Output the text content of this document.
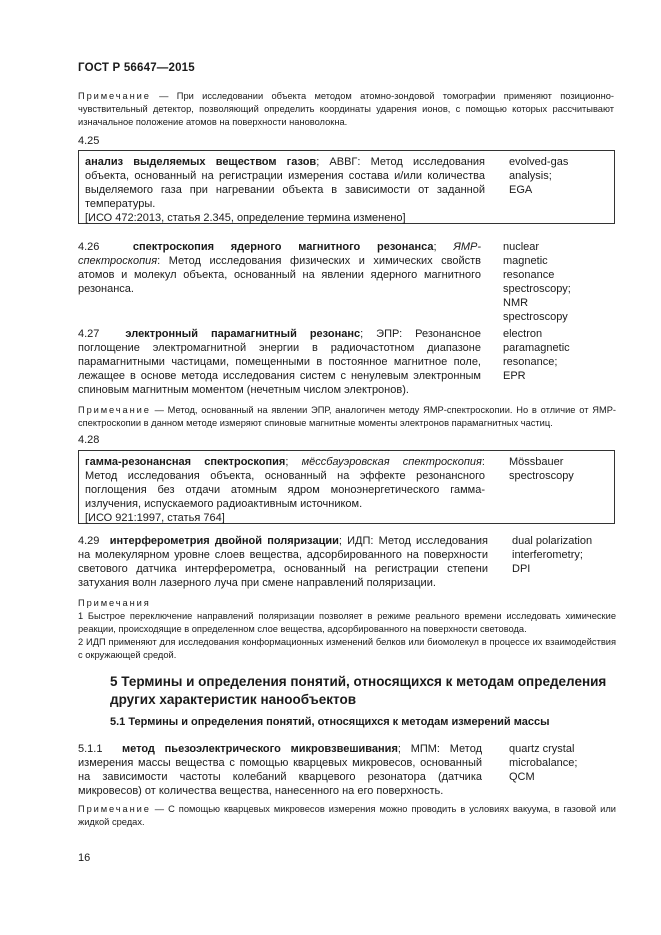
ГОСТ Р 56647—2015
Примечание — При исследовании объекта методом атомно-зондовой томографии применяют позиционно-чувствительный детектор, позволяющий определить координаты ударения ионов, с помощью которых рассчитывают изначальное положение атомов на поверхности нановолокна.
4.25
анализ выделяемых веществом газов; АВВГ: Метод исследования объекта, основанный на регистрации измерения состава и/или количества выделяемого газа при нагревании объекта в зависимости от заданной температуры.
[ИСО 472:2013, статья 2.345, определение термина изменено]
evolved-gas
analysis;
EGA
4.26	спектроскопия ядерного магнитного резонанса; ЯМР-спектроскопия: Метод исследования физических и химических свойств атомов и молекул объекта, основанный на явлении ядерного магнитного резонанса.
nuclear
magnetic
resonance
spectroscopy;
NMR
spectroscopy
4.27 электронный парамагнитный резонанс; ЭПР: Резонансное поглощение электромагнитной энергии в радиочастотном диапазоне парамагнитными частицами, помещенными в постоянное магнитное поле, лежащее в основе метода исследования систем с ненулевым электронным спиновым магнитным моментом (нечетным числом электронов).
electron
paramagnetic
resonance;
EPR
Примечание — Метод, основанный на явлении ЭПР, аналогичен методу ЯМР-спектроскопии. Но в отличие от ЯМР-спектроскопии в данном методе измеряют спиновые магнитные моменты электронов парамагнитных частиц.
4.28
гамма-резонансная спектроскопия; мёссбауэровская спектроскопия: Метод исследования объекта, основанный на эффекте резонансного поглощения без отдачи атомным ядром моноэнергетического гамма-излучения, испускаемого радиоактивным источником.
[ИСО 921:1997, статья 764]
Mössbauer
spectroscopy
4.29 интерферометрия двойной поляризации; ИДП: Метод исследования на молекулярном уровне слоев вещества, адсорбированного на поверхности светового датчика интерферометра, основанный на регистрации степени затухания волн лазерного луча при смене направлений поляризации.
dual polarization
interferometry;
DPI
Примечания
1 Быстрое переключение направлений поляризации позволяет в режиме реального времени исследовать химические реакции, происходящие в определенном слое вещества, адсорбированного на поверхности световода.
2 ИДП применяют для исследования конформационных изменений белков или биомолекул в процессе их взаимодействия с окружающей средой.
5 Термины и определения понятий, относящихся к методам определения других характеристик нанообъектов
5.1 Термины и определения понятий, относящихся к методам измерений массы
5.1.1 метод пьезоэлектрического микровзвешивания; МПМ: Метод измерения массы вещества с помощью кварцевых микровесов, основанный на зависимости частоты колебаний кварцевого резонатора (датчика микровесов) от количества вещества, нанесенного на его поверхность.
quartz crystal
microbalance;
QCM
Примечание — С помощью кварцевых микровесов измерения можно проводить в условиях вакуума, в газовой или жидкой средах.
16
